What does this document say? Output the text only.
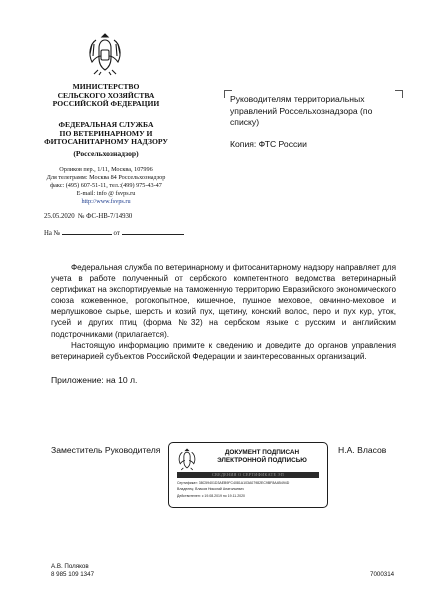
МИНИСТЕРСТВО
СЕЛЬСКОГО ХОЗЯЙСТВА
РОССИЙСКОЙ ФЕДЕРАЦИИ
ФЕДЕРАЛЬНАЯ СЛУЖБА
ПО ВЕТЕРИНАРНОМУ И
ФИТОСАНИТАРНОМУ НАДЗОРУ
(Россельхознадзор)
Орликов пер., 1/11, Москва, 107996
Для телеграмм: Москва 84 Россельхознадзор
факс: (495) 607-51-11, тел.:(499) 975-43-47
E-mail: info @ fsvps.ru
http://www.fsvps.ru
25.05.2020 № ФС-НВ-7/14930
На №	от
Руководителям территориальных управлений Россельхознадзора (по списку)
Копия: ФТС России

Федеральная служба по ветеринарному и фитосанитарному надзору направляет для учета в работе полученный от сербского компетентного ведомства ветеринарный сертификат на экспортируемые на таможенную территорию Евразийского экономического союза кожевенное, рогокопытное, кишечное, пушное меховое, овчинно-меховое и мерлушковое сырье, шерсть и козий пух, щетину, конский волос, перо и пух кур, уток, гусей и других птиц (форма №32) на сербском языке с русским и английским подстрочниками (прилагается).

Настоящую информацию примите к сведению и доведите до органов управления ветеринарией субъектов Российской Федерации и заинтересованных организаций.

Приложение: на 10 л.
Заместитель Руководителя	Н.А. Власов
ДОКУМЕНТ ПОДПИСАН
ЭЛЕКТРОННОЙ ПОДПИСЬЮ
СВЕДЕНИЯ О СЕРТИФИКАТЕ ЭП
Сертификат: 38C59401D3AEB9FC4081A103A07982EC9BF8A4B494D
Владелец: Власов Николай Анатольевич
Действителен: с 19.08.2019 по 19.11.2020
А.В. Поляков
8 985 109 1347	7000314
